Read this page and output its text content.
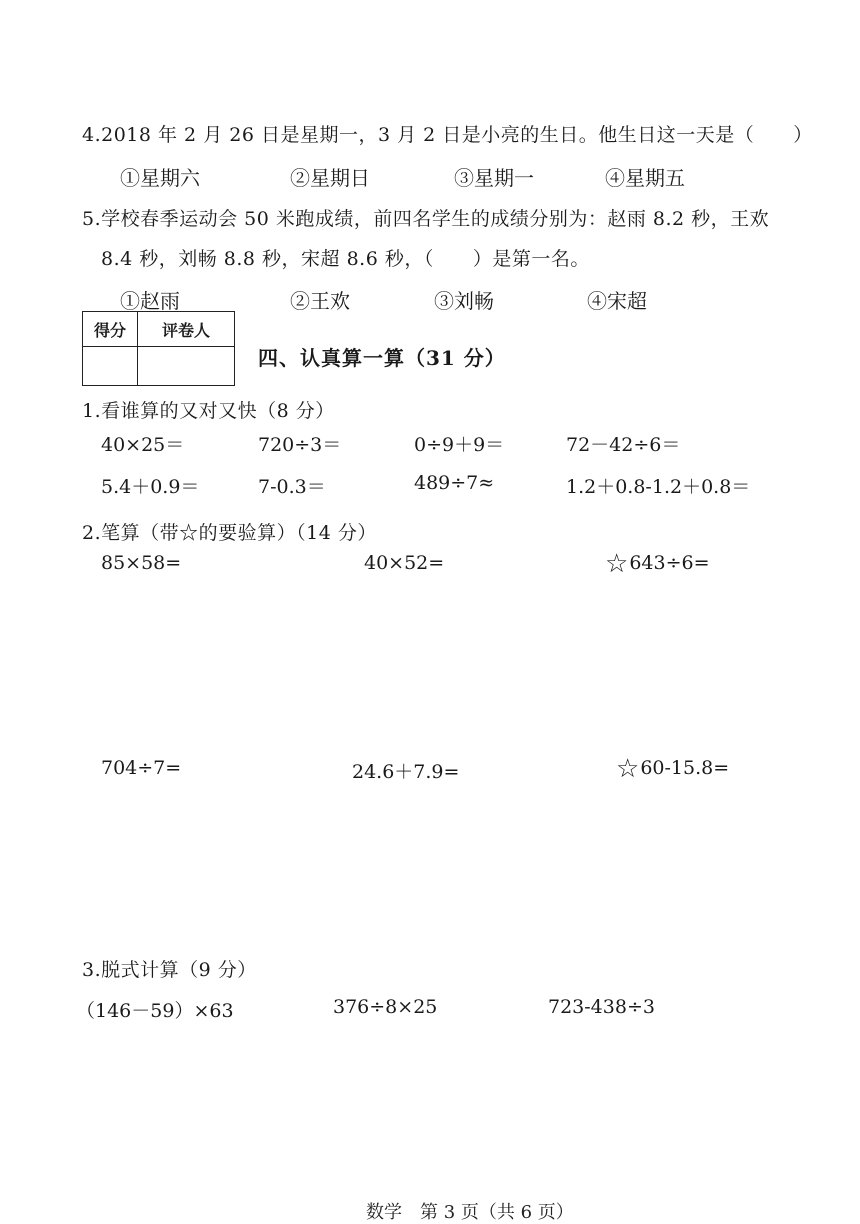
4.2018 年 2 月 26 日是星期一，3 月 2 日是小亮的生日。他生日这一天是（　　）
①星期六	②星期日	③星期一	④星期五
5.学校春季运动会 50 米跑成绩，前四名学生的成绩分别为：赵雨 8.2 秒，王欢
8.4 秒，刘畅 8.8 秒，宋超 8.6 秒，（　　）是第一名。
①赵雨	②王欢	③刘畅	④宋超
得分	评卷人

四、认真算一算（31 分）
1.看谁算的又对又快（8 分）
40×25＝	720÷3＝	0÷9＋9＝	72－42÷6＝
5.4＋0.9＝	7-0.3＝	489÷7≈	1.2＋0.8-1.2＋0.8＝
2.笔算（带☆的要验算）（14 分）
85×58=	40×52=	☆643÷6=
704÷7=	24.6＋7.9=	☆60-15.8=
3.脱式计算（9 分）
（146－59）×63	376÷8×25	723-438÷3
数学　第 3 页（共 6 页）
